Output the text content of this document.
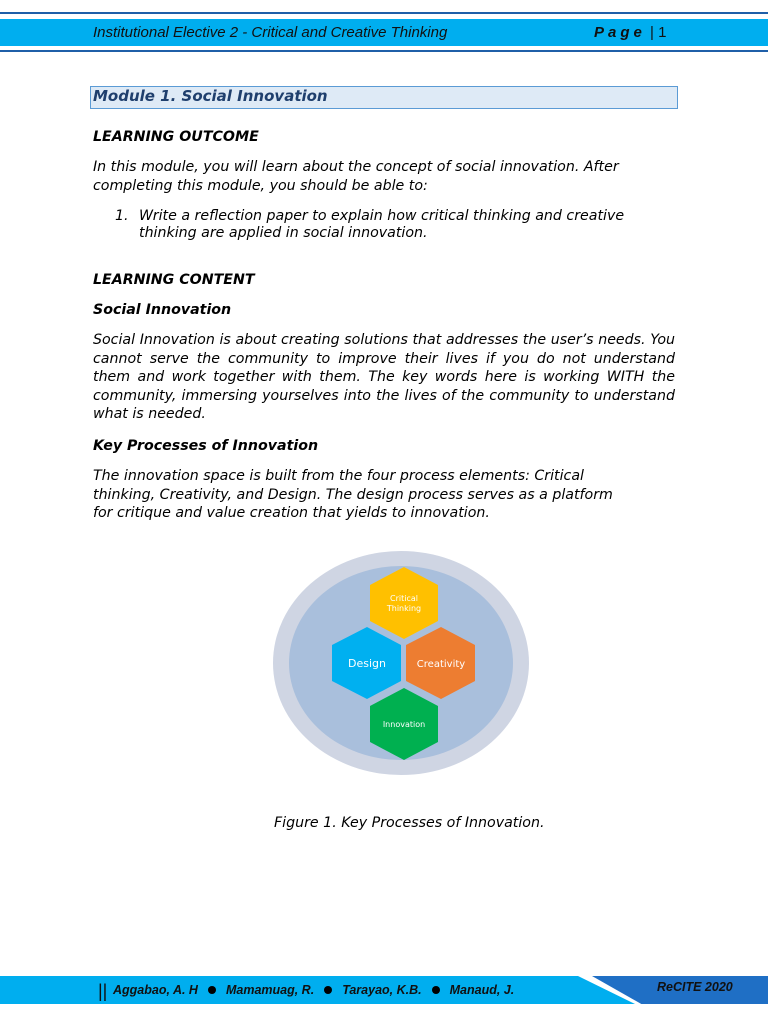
Institutional Elective 2 - Critical and Creative Thinking	Page | 1
Module 1. Social Innovation
LEARNING OUTCOME
In this module, you will learn about the concept of social innovation. After completing this module, you should be able to:
1. Write a reflection paper to explain how critical thinking and creative thinking are applied in social innovation.
LEARNING CONTENT
Social Innovation
Social Innovation is about creating solutions that addresses the user’s needs. You cannot serve the community to improve their lives if you do not understand them and work together with them. The key words here is working WITH the community, immersing yourselves into the lives of the community to understand what is needed.
Key Processes of Innovation
The innovation space is built from the four process elements: Critical thinking, Creativity, and Design. The design process serves as a platform for critique and value creation that yields to innovation.
Critical
Thinking
Design	Creativity
Innovation
Figure 1. Key Processes of Innovation.
|| Aggabao, A. H Mamamuag, R. Tarayao, K.B. Manaud, J.	ReCITE 2020
